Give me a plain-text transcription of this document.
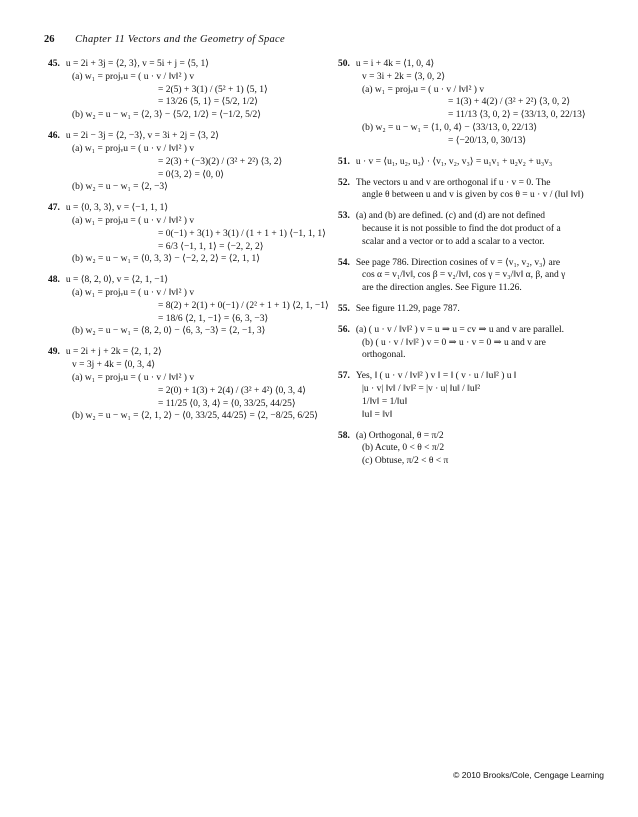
26 Chapter 11 Vectors and the Geometry of Space
45. u = 2i + 3j = ⟨2, 3⟩, v = 5i + j = ⟨5, 1⟩
(a) w₁ = projᵥu = ( u · v / ‖v‖² ) v
= 2(5) + 3(1) / (5² + 1) ⟨5, 1⟩
= 13/26 ⟨5, 1⟩ = ⟨5/2, 1/2⟩
(b) w₂ = u − w₁ = ⟨2, 3⟩ − ⟨5/2, 1/2⟩ = ⟨−1/2, 5/2⟩
46. u = 2i − 3j = ⟨2, −3⟩, v = 3i + 2j = ⟨3, 2⟩
(a) w₁ = projᵥu = ( u · v / ‖v‖² ) v
= 2(3) + (−3)(2) / (3² + 2²) ⟨3, 2⟩
= 0⟨3, 2⟩ = ⟨0, 0⟩
(b) w₂ = u − w₁ = ⟨2, −3⟩
47. u = ⟨0, 3, 3⟩, v = ⟨−1, 1, 1⟩
(a) w₁ = projᵥu = ( u · v / ‖v‖² ) v
= 0(−1) + 3(1) + 3(1) / (1 + 1 + 1) ⟨−1, 1, 1⟩
= 6/3 ⟨−1, 1, 1⟩ = ⟨−2, 2, 2⟩
(b) w₂ = u − w₁ = ⟨0, 3, 3⟩ − ⟨−2, 2, 2⟩ = ⟨2, 1, 1⟩
48. u = ⟨8, 2, 0⟩, v = ⟨2, 1, −1⟩
(a) w₁ = projᵥu = ( u · v / ‖v‖² ) v
= 8(2) + 2(1) + 0(−1) / (2² + 1 + 1) ⟨2, 1, −1⟩
= 18/6 ⟨2, 1, −1⟩ = ⟨6, 3, −3⟩
(b) w₂ = u − w₁ = ⟨8, 2, 0⟩ − ⟨6, 3, −3⟩ = ⟨2, −1, 3⟩
49. u = 2i + j + 2k = ⟨2, 1, 2⟩
v = 3j + 4k = ⟨0, 3, 4⟩
(a) w₁ = projᵥu = ( u · v / ‖v‖² ) v
= 2(0) + 1(3) + 2(4) / (3² + 4²) ⟨0, 3, 4⟩
= 11/25 ⟨0, 3, 4⟩ = ⟨0, 33/25, 44/25⟩
(b) w₂ = u − w₁ = ⟨2, 1, 2⟩ − ⟨0, 33/25, 44/25⟩ = ⟨2, −8/25, 6/25⟩
50. u = i + 4k = ⟨1, 0, 4⟩
v = 3i + 2k = ⟨3, 0, 2⟩
(a) w₁ = projᵥu = ( u · v / ‖v‖² ) v
= 1(3) + 4(2) / (3² + 2²) ⟨3, 0, 2⟩
= 11/13 ⟨3, 0, 2⟩ = ⟨33/13, 0, 22/13⟩
(b) w₂ = u − w₁ = ⟨1, 0, 4⟩ − ⟨33/13, 0, 22/13⟩
= ⟨−20/13, 0, 30/13⟩
51. u · v = ⟨u₁, u₂, u₃⟩ · ⟨v₁, v₂, v₃⟩ = u₁v₁ + u₂v₂ + u₃v₃
52. The vectors u and v are orthogonal if u · v = 0. The
angle θ between u and v is given by cos θ = u · v / (‖u‖ ‖v‖)
53. (a) and (b) are defined. (c) and (d) are not defined
because it is not possible to find the dot product of a
scalar and a vector or to add a scalar to a vector.
54. See page 786. Direction cosines of v = ⟨v₁, v₂, v₃⟩ are
cos α = v₁/‖v‖, cos β = v₂/‖v‖, cos γ = v₃/‖v‖ α, β, and γ
are the direction angles. See Figure 11.26.
55. See figure 11.29, page 787.
56. (a) ( u · v / ‖v‖² ) v = u ⇒ u = cv ⇒ u and v are parallel.
(b) ( u · v / ‖v‖² ) v = 0 ⇒ u · v = 0 ⇒ u and v are
orthogonal.
57. Yes, ‖ ( u · v / ‖v‖² ) v ‖ = ‖ ( v · u / ‖u‖² ) u ‖
|u · v| ‖v‖ / ‖v‖² = |v · u| ‖u‖ / ‖u‖²
1/‖v‖ = 1/‖u‖
‖u‖ = ‖v‖
58. (a) Orthogonal, θ = π/2
(b) Acute, 0 < θ < π/2
(c) Obtuse, π/2 < θ < π
© 2010 Brooks/Cole, Cengage Learning
